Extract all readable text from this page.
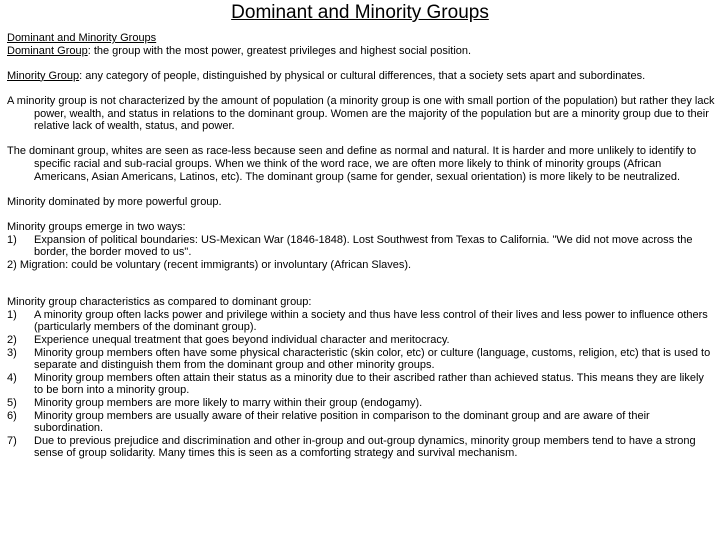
Dominant and Minority Groups

Dominant and Minority Groups

Dominant Group: the group with the most power, greatest privileges and highest social position.

Minority Group: any category of people, distinguished by physical or cultural differences, that a society sets apart and subordinates.

A minority group is not characterized by the amount of population (a minority group is one with small portion of the population) but rather they lack power, wealth, and status in relations to the dominant group. Women are the majority of the population but are a minority group due to their relative lack of wealth, status, and power.

The dominant group, whites are seen as race-less because seen and define as normal and natural. It is harder and more unlikely to identify to specific racial and sub-racial groups. When we think of the word race, we are often more likely to think of minority groups (African Americans, Asian Americans, Latinos, etc). The dominant group (same for gender, sexual orientation) is more likely to be neutralized.

Minority dominated by more powerful group.

Minority groups emerge in two ways:

1) Expansion of political boundaries: US-Mexican War (1846-1848). Lost Southwest from Texas to California. "We did not move across the border, the border moved to us".

2) Migration: could be voluntary (recent immigrants) or involuntary (African Slaves).

Minority group characteristics as compared to dominant group:

1) A minority group often lacks power and privilege within a society and thus have less control of their lives and less power to influence others (particularly members of the dominant group).
2) Experience unequal treatment that goes beyond individual character and meritocracy.
3) Minority group members often have some physical characteristic (skin color, etc) or culture (language, customs, religion, etc) that is used to separate and distinguish them from the dominant group and other minority groups.
4) Minority group members often attain their status as a minority due to their ascribed rather than achieved status. This means they are likely to be born into a minority group.
5) Minority group members are more likely to marry within their group (endogamy).
6) Minority group members are usually aware of their relative position in comparison to the dominant group and are aware of their subordination.
7) Due to previous prejudice and discrimination and other in-group and out-group dynamics, minority group members tend to have a strong sense of group solidarity. Many times this is seen as a comforting strategy and survival mechanism.
